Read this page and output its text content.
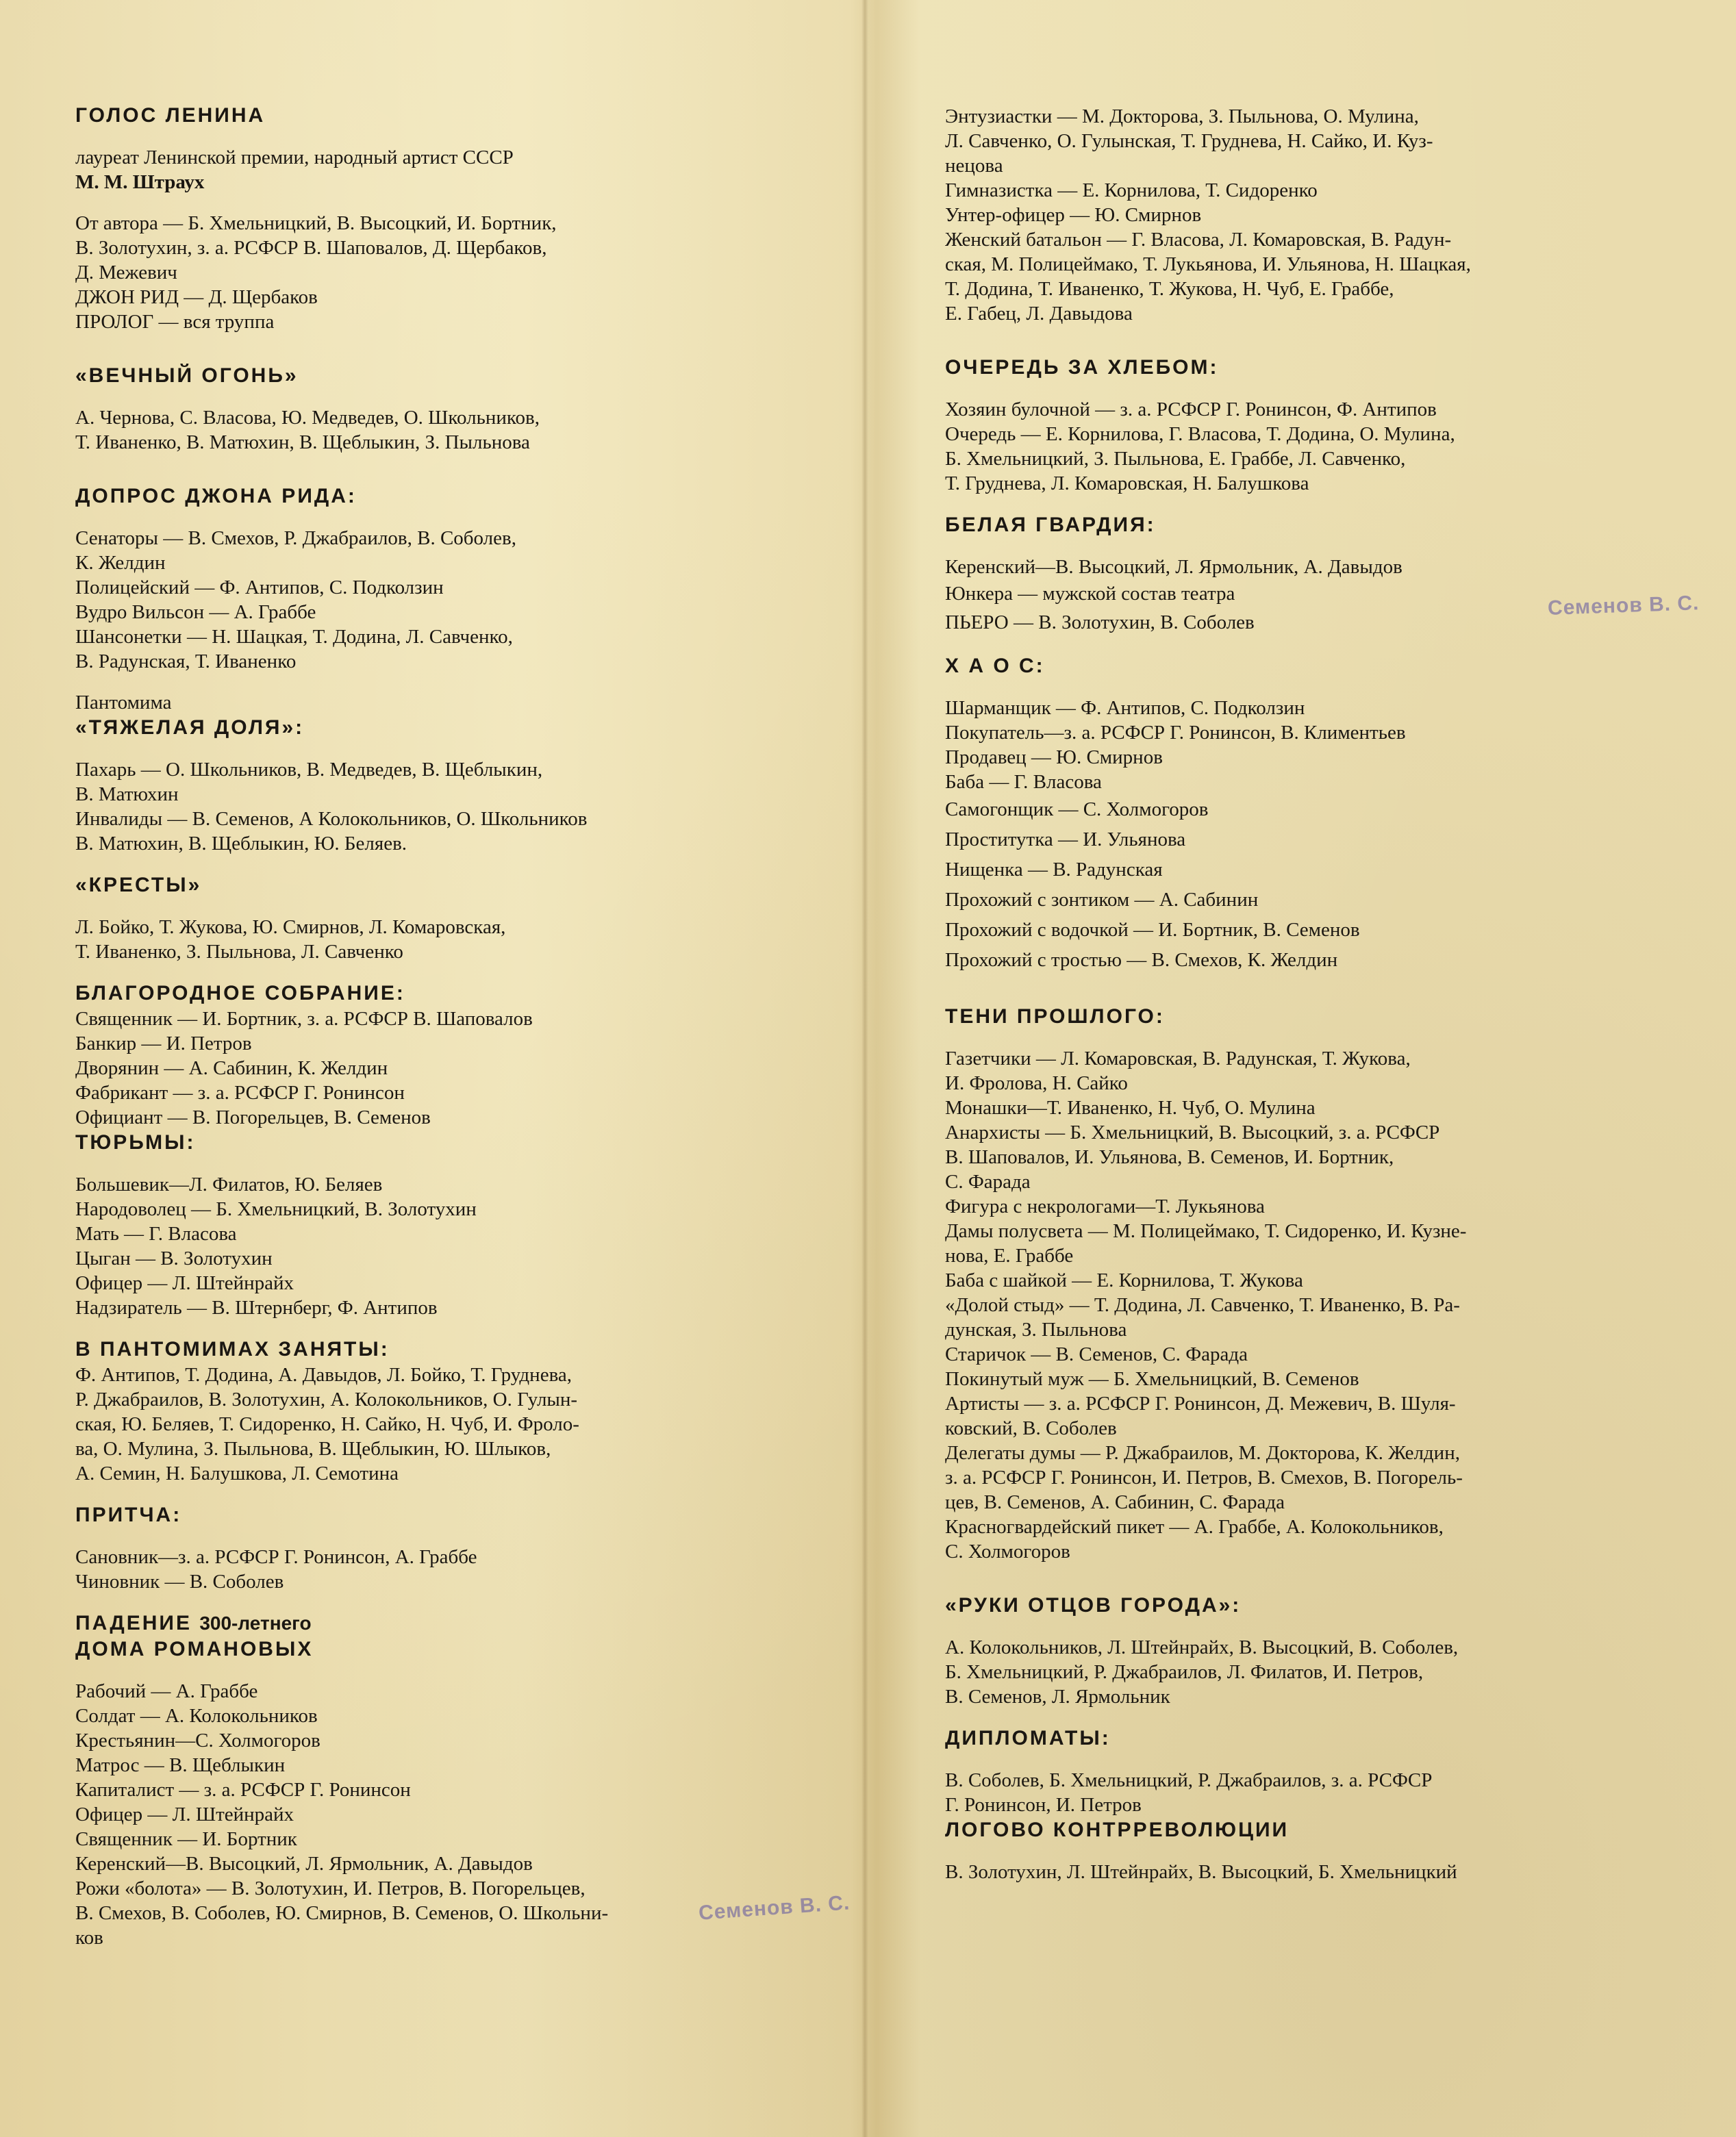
ГОЛОС ЛЕНИНА
лауреат Ленинской премии, народный артист СССР
М. М. Штраух
От автора — Б. Хмельницкий, В. Высоцкий, И. Бортник,
В. Золотухин, з. а. РСФСР В. Шаповалов, Д. Щербаков,
Д. Межевич
ДЖОН РИД — Д. Щербаков
ПРОЛОГ — вся труппа
«ВЕЧНЫЙ ОГОНЬ»
А. Чернова, С. Власова, Ю. Медведев, О. Школьников,
Т. Иваненко, В. Матюхин, В. Щеблыкин, З. Пыльнова
ДОПРОС ДЖОНА РИДА:
Сенаторы — В. Смехов, Р. Джабраилов, В. Соболев,
К. Желдин
Полицейский — Ф. Антипов, С. Подколзин
Вудро Вильсон — А. Граббе
Шансонетки — Н. Шацкая, Т. Додина, Л. Савченко,
В. Радунская, Т. Иваненко
Пантомима
«ТЯЖЕЛАЯ ДОЛЯ»:
Пахарь — О. Школьников, В. Медведев, В. Щеблыкин,
В. Матюхин
Инвалиды — В. Семенов, А Колокольников, О. Школьников
В. Матюхин, В. Щеблыкин, Ю. Беляев.
«КРЕСТЫ»
Л. Бойко, Т. Жукова, Ю. Смирнов, Л. Комаровская,
Т. Иваненко, З. Пыльнова, Л. Савченко
БЛАГОРОДНОЕ СОБРАНИЕ:
Священник — И. Бортник, з. а. РСФСР В. Шаповалов
Банкир — И. Петров
Дворянин — А. Сабинин, К. Желдин
Фабрикант — з. а. РСФСР Г. Ронинсон
Официант — В. Погорельцев, В. Семенов
ТЮРЬМЫ:
Большевик—Л. Филатов, Ю. Беляев
Народоволец — Б. Хмельницкий, В. Золотухин
Мать — Г. Власова
Цыган — В. Золотухин
Офицер — Л. Штейнрайх
Надзиратель — В. Штернберг, Ф. Антипов
В ПАНТОМИМАХ ЗАНЯТЫ:
Ф. Антипов, Т. Додина, А. Давыдов, Л. Бойко, Т. Груднева,
Р. Джабраилов, В. Золотухин, А. Колокольников, О. Гулын-
ская, Ю. Беляев, Т. Сидоренко, Н. Сайко, Н. Чуб, И. Фроло-
ва, О. Мулина, З. Пыльнова, В. Щеблыкин, Ю. Шлыков,
А. Семин, Н. Балушкова, Л. Семотина
ПРИТЧА:
Сановник—з. а. РСФСР Г. Ронинсон, А. Граббе
Чиновник — В. Соболев
ПАДЕНИЕ 300-летнего
ДОМА РОМАНОВЫХ
Рабочий — А. Граббе
Солдат — А. Колокольников
Крестьянин—С. Холмогоров
Матрос — В. Щеблыкин
Капиталист — з. а. РСФСР Г. Ронинсон
Офицер — Л. Штейнрайх
Священник — И. Бортник
Керенский—В. Высоцкий, Л. Ярмольник, А. Давыдов
Рожи «болота» — В. Золотухин, И. Петров, В. Погорельцев,
В. Смехов, В. Соболев, Ю. Смирнов, В. Семенов, О. Школьни-
ков
Энтузиастки — М. Докторова, З. Пыльнова, О. Мулина,
Л. Савченко, О. Гулынская, Т. Груднева, Н. Сайко, И. Куз-
нецова
Гимназистка — Е. Корнилова, Т. Сидоренко
Унтер-офицер — Ю. Смирнов
Женский батальон — Г. Власова, Л. Комаровская, В. Радун-
ская, М. Полицеймако, Т. Лукьянова, И. Ульянова, Н. Шацкая,
Т. Додина, Т. Иваненко, Т. Жукова, Н. Чуб, Е. Граббе,
Е. Габец, Л. Давыдова
ОЧЕРЕДЬ ЗА ХЛЕБОМ:
Хозяин булочной — з. а. РСФСР Г. Ронинсон, Ф. Антипов
Очередь — Е. Корнилова, Г. Власова, Т. Додина, О. Мулина,
Б. Хмельницкий, З. Пыльнова, Е. Граббе, Л. Савченко,
Т. Груднева, Л. Комаровская, Н. Балушкова
БЕЛАЯ ГВАРДИЯ:
Керенский—В. Высоцкий, Л. Ярмольник, А. Давыдов
Юнкера — мужской состав театра
ПЬЕРО — В. Золотухин, В. Соболев
Х А О С:
Шарманщик — Ф. Антипов, С. Подколзин
Покупатель—з. а. РСФСР Г. Ронинсон, В. Климентьев
Продавец — Ю. Смирнов
Баба — Г. Власова
Самогонщик — С. Холмогоров
Проститутка — И. Ульянова
Нищенка — В. Радунская
Прохожий с зонтиком — А. Сабинин
Прохожий с водочкой — И. Бортник, В. Семенов
Прохожий с тростью — В. Смехов, К. Желдин
ТЕНИ ПРОШЛОГО:
Газетчики — Л. Комаровская, В. Радунская, Т. Жукова,
И. Фролова, Н. Сайко
Монашки—Т. Иваненко, Н. Чуб, О. Мулина
Анархисты — Б. Хмельницкий, В. Высоцкий, з. а. РСФСР
В. Шаповалов, И. Ульянова, В. Семенов, И. Бортник,
С. Фарада
Фигура с некрологами—Т. Лукьянова
Дамы полусвета — М. Полицеймако, Т. Сидоренко, И. Кузне-
нова, Е. Граббе
Баба с шайкой — Е. Корнилова, Т. Жукова
«Долой стыд» — Т. Додина, Л. Савченко, Т. Иваненко, В. Ра-
дунская, З. Пыльнова
Старичок — В. Семенов, С. Фарада
Покинутый муж — Б. Хмельницкий, В. Семенов
Артисты — з. а. РСФСР Г. Ронинсон, Д. Межевич, В. Шуля-
ковский, В. Соболев
Делегаты думы — Р. Джабраилов, М. Докторова, К. Желдин,
з. а. РСФСР Г. Ронинсон, И. Петров, В. Смехов, В. Погорель-
цев, В. Семенов, А. Сабинин, С. Фарада
Красногвардейский пикет — А. Граббе, А. Колокольников,
С. Холмогоров
«РУКИ ОТЦОВ ГОРОДА»:
А. Колокольников, Л. Штейнрайх, В. Высоцкий, В. Соболев,
Б. Хмельницкий, Р. Джабраилов, Л. Филатов, И. Петров,
В. Семенов, Л. Ярмольник
ДИПЛОМАТЫ:
В. Соболев, Б. Хмельницкий, Р. Джабраилов, з. а. РСФСР
Г. Ронинсон, И. Петров
ЛОГОВО КОНТРРЕВОЛЮЦИИ
В. Золотухин, Л. Штейнрайх, В. Высоцкий, Б. Хмельницкий
Семенов В. С.
Семенов В. С.
